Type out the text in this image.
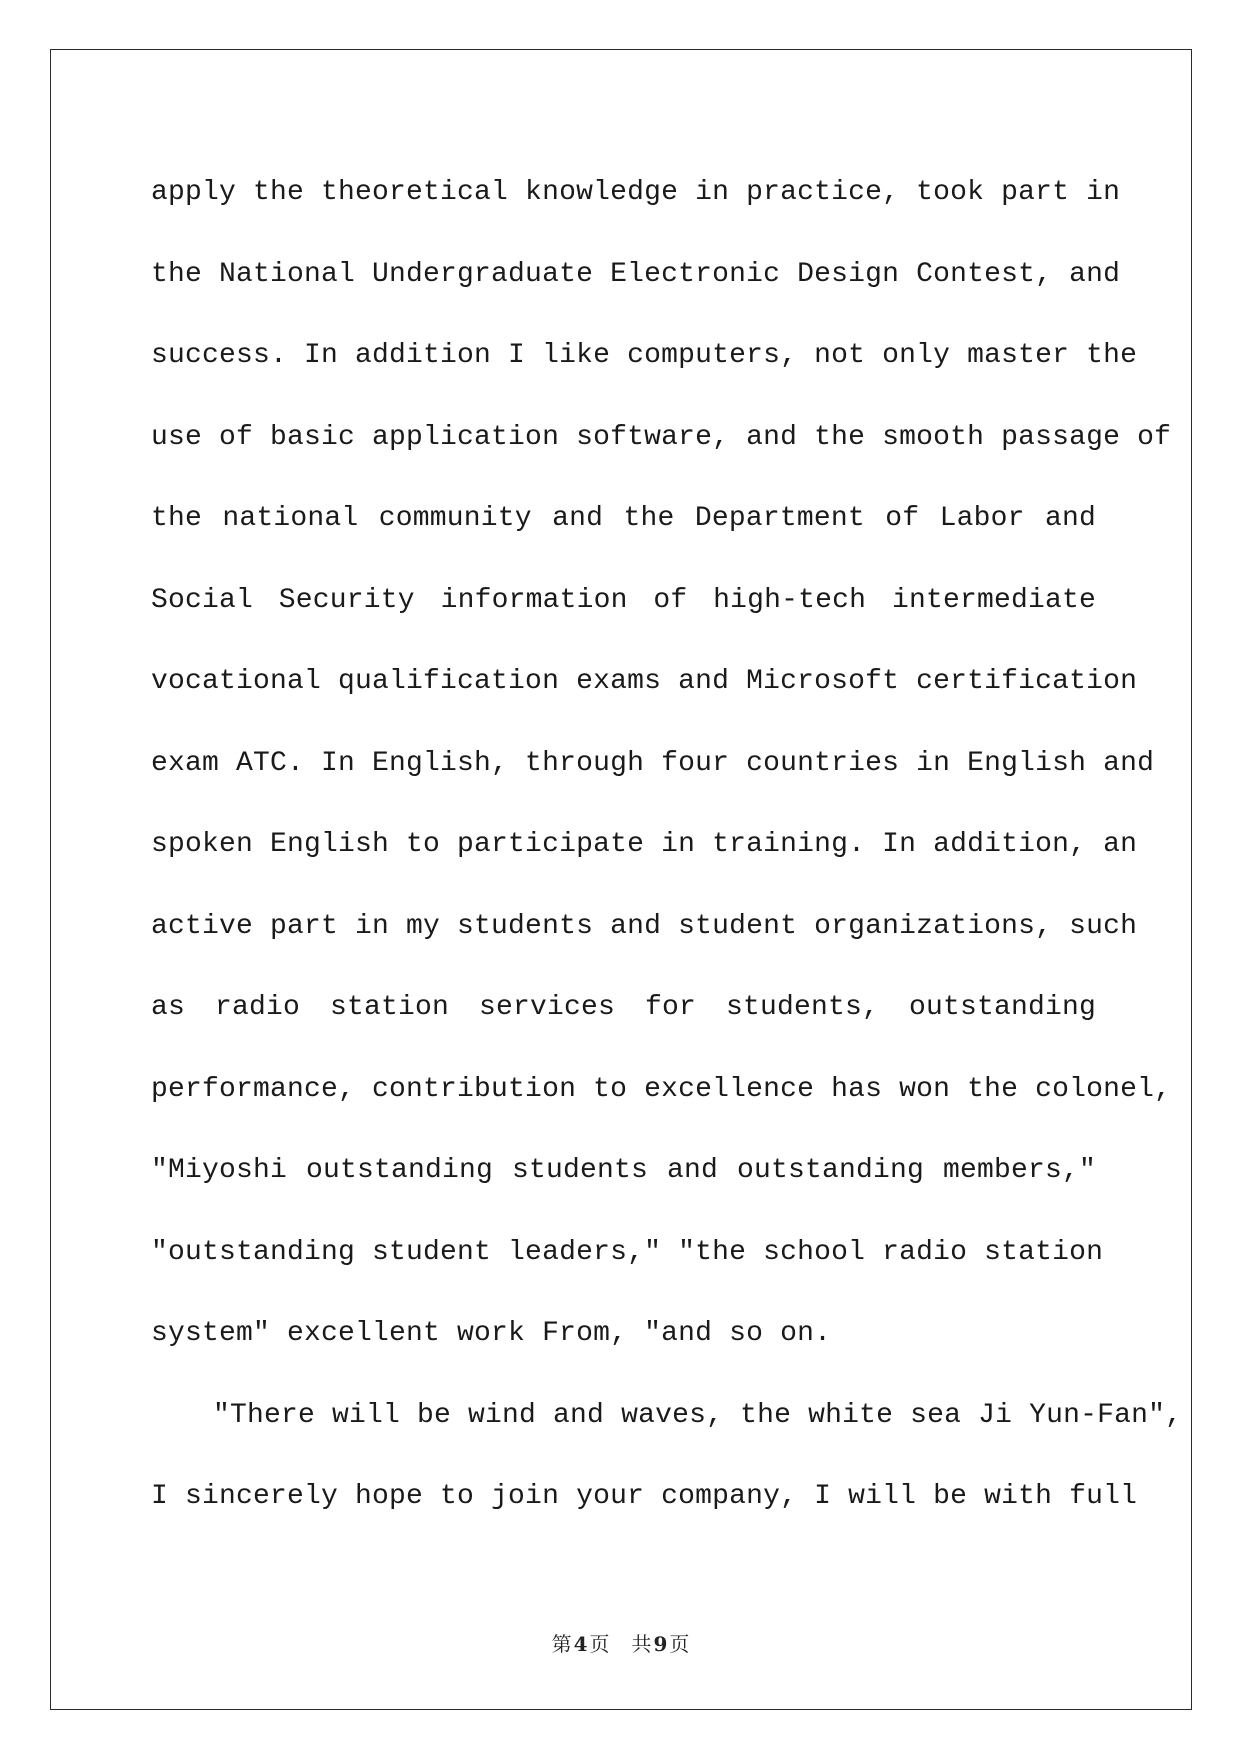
apply the theoretical knowledge in practice, took part in
the National Undergraduate Electronic Design Contest, and
success. In addition I like computers, not only master the
use of basic application software, and the smooth passage of
the national community and the Department of Labor and
Social Security information of high-tech intermediate
vocational qualification exams and Microsoft certification
exam ATC. In English, through four countries in English and
spoken English to participate in training. In addition, an
active part in my students and student organizations, such
as radio station services for students, outstanding
performance, contribution to excellence has won the colonel,
"Miyoshi outstanding students and outstanding members,"
"outstanding student leaders," "the school radio station
system" excellent work From, "and so on.
"There will be wind and waves, the white sea Ji Yun-Fan",
I sincerely hope to join your company, I will be with full
第 4 页 共 9 页
